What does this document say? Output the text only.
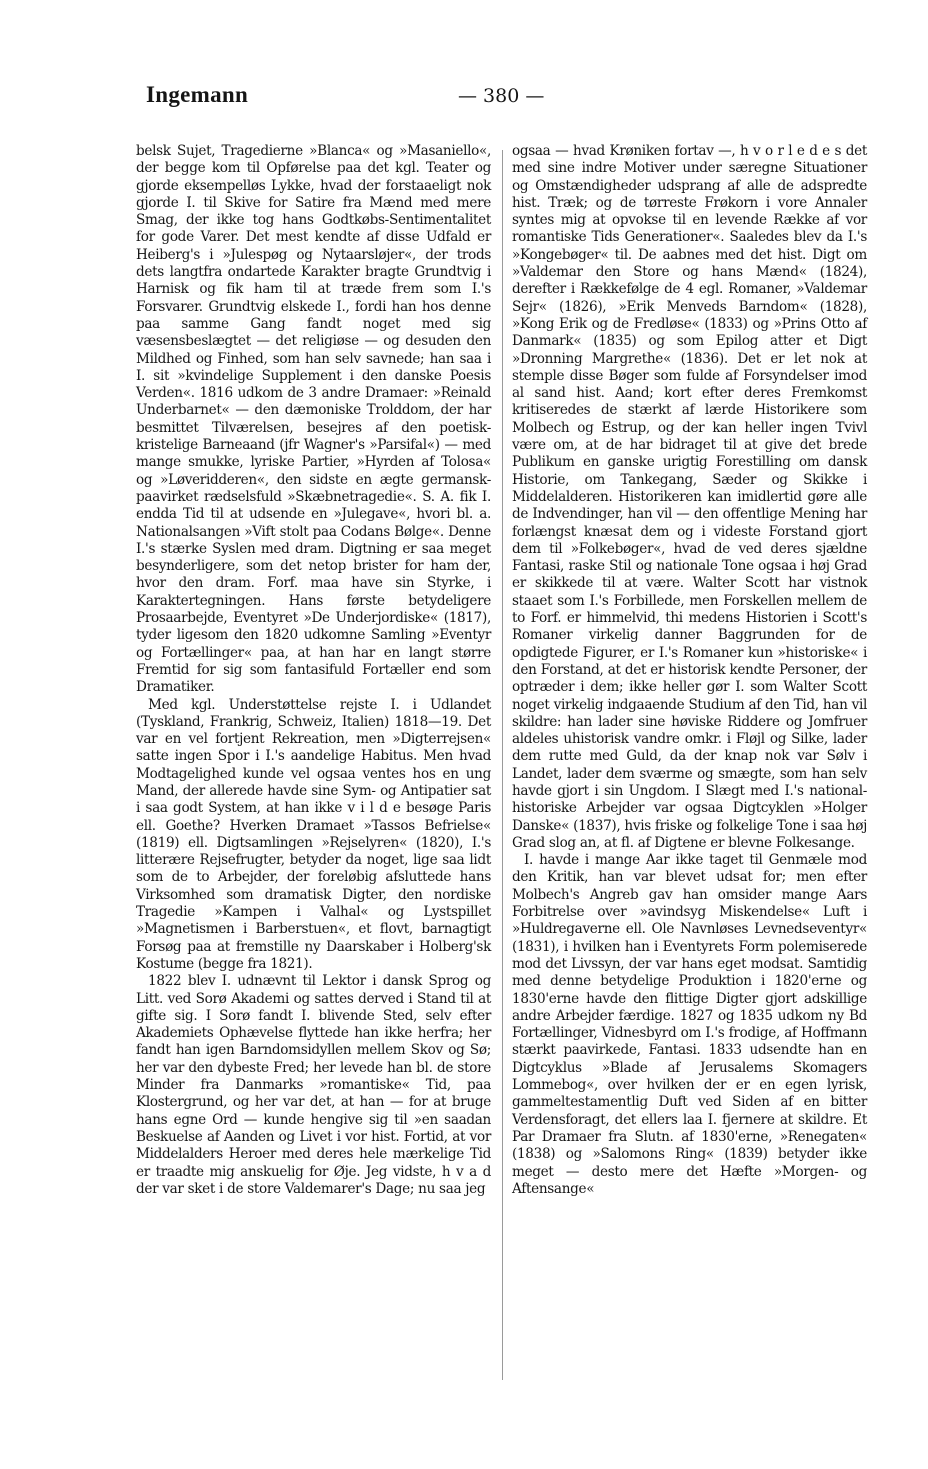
Ingemann	— 380 —

belsk Sujet, Tragedierne »Blanca« og »Masaniello«, der begge kom til Opførelse paa det kgl. Teater og gjorde eksempelløs Lykke, hvad der forstaaeligt nok gjorde I. til Skive for Satire fra Mænd med mere Smag, der ikke tog hans Godtkøbs-Sentimentalitet for gode Varer. Det mest kendte af disse Udfald er Heiberg's i »Julespøg og Nytaarsløjer«, der trods dets langtfra ondartede Karakter bragte Grundtvig i Harnisk og fik ham til at træde frem som I.'s Forsvarer. Grundtvig elskede I., fordi han hos denne paa samme Gang fandt noget med sig væsensbeslægtet — det religiøse — og desuden den Mildhed og Finhed, som han selv savnede; han saa i I. sit »kvindelige Supplement i den danske Poesis Verden«. 1816 udkom de 3 andre Dramaer: »Reinald Underbarnet« — den dæmoniske Trolddom, der har besmittet Tilværelsen, besejres af den poetisk-kristelige Barneaand (jfr Wagner's »Parsifal«) — med mange smukke, lyriske Partier, »Hyrden af Tolosa« og »Løveridderen«, den sidste en ægte germansk-paavirket rædselsfuld »Skæbnetragedie«. S. A. fik I. endda Tid til at udsende en »Julegave«, hvori bl. a. Nationalsangen »Vift stolt paa Codans Bølge«. Denne I.'s stærke Syslen med dram. Digtning er saa meget besynderligere, som det netop brister for ham der, hvor den dram. Forf. maa have sin Styrke, i Karaktertegningen. Hans første betydeligere Prosaarbejde, Eventyret »De Underjordiske« (1817), tyder ligesom den 1820 udkomne Samling »Eventyr og Fortællinger« paa, at han har en langt større Fremtid for sig som fantasifuld Fortæller end som Dramatiker.

Med kgl. Understøttelse rejste I. i Udlandet (Tyskland, Frankrig, Schweiz, Italien) 1818—19. Det var en vel fortjent Rekreation, men »Digterrejsen« satte ingen Spor i I.'s aandelige Habitus. Men hvad Modtagelighed kunde vel ogsaa ventes hos en ung Mand, der allerede havde sine Sym- og Antipatier sat i saa godt System, at han ikke v i l d e besøge Paris ell. Goethe? Hverken Dramaet »Tassos Befrielse« (1819) ell. Digtsamlingen »Rejselyren« (1820), I.'s litterære Rejsefrugter, betyder da noget, lige saa lidt som de to Arbejder, der foreløbig afsluttede hans Virksomhed som dramatisk Digter, den nordiske Tragedie »Kampen i Valhal« og Lystspillet »Magnetismen i Barberstuen«, et flovt, barnagtigt Forsøg paa at fremstille ny Daarskaber i Holberg'sk Kostume (begge fra 1821).

1822 blev I. udnævnt til Lektor i dansk Sprog og Litt. ved Sorø Akademi og sattes derved i Stand til at gifte sig. I Sorø fandt I. blivende Sted, selv efter Akademiets Ophævelse flyttede han ikke herfra; her fandt han igen Barndomsidyllen mellem Skov og Sø; her var den dybeste Fred; her levede han bl. de store Minder fra Danmarks »romantiske« Tid, paa Klostergrund, og her var det, at han — for at bruge hans egne Ord — kunde hengive sig til »en saadan Beskuelse af Aanden og Livet i vor hist. Fortid, at vor Middelalders Heroer med deres hele mærkelige Tid er traadte mig anskuelig for Øje. Jeg vidste, h v a d der var sket i de store Valdemarer's Dage; nu saa jeg

ogsaa — hvad Krøniken fortav —, h v o r l e d e s det med sine indre Motiver under særegne Situationer og Omstændigheder udsprang af alle de adspredte hist. Træk; og de tørreste Frøkorn i vore Annaler syntes mig at opvokse til en levende Række af vor romantiske Tids Generationer«. Saaledes blev da I.'s »Kongebøger« til. De aabnes med det hist. Digt om »Valdemar den Store og hans Mænd« (1824), derefter i Rækkefølge de 4 egl. Romaner, »Valdemar Sejr« (1826), »Erik Menveds Barndom« (1828), »Kong Erik og de Fredløse« (1833) og »Prins Otto af Danmark« (1835) og som Epilog atter et Digt »Dronning Margrethe« (1836). Det er let nok at stemple disse Bøger som fulde af Forsyndelser imod al sand hist. Aand; kort efter deres Fremkomst kritiseredes de stærkt af lærde Historikere som Molbech og Estrup, og der kan heller ingen Tvivl være om, at de har bidraget til at give det brede Publikum en ganske urigtig Forestilling om dansk Historie, om Tankegang, Sæder og Skikke i Middelalderen. Historikeren kan imidlertid gøre alle de Indvendinger, han vil — den offentlige Mening har forlængst knæsat dem og i videste Forstand gjort dem til »Folkebøger«, hvad de ved deres sjældne Fantasi, raske Stil og nationale Tone ogsaa i høj Grad er skikkede til at være. Walter Scott har vistnok staaet som I.'s Forbillede, men Forskellen mellem de to Forf. er himmelvid, thi medens Historien i Scott's Romaner virkelig danner Baggrunden for de opdigtede Figurer, er I.'s Romaner kun »historiske« i den Forstand, at det er historisk kendte Personer, der optræder i dem; ikke heller gør I. som Walter Scott noget virkelig indgaaende Studium af den Tid, han vil skildre: han lader sine høviske Riddere og Jomfruer aldeles uhistorisk vandre omkr. i Fløjl og Silke, lader dem rutte med Guld, da der knap nok var Sølv i Landet, lader dem sværme og smægte, som han selv havde gjort i sin Ungdom. I Slægt med I.'s national-historiske Arbejder var ogsaa Digtcyklen »Holger Danske« (1837), hvis friske og folkelige Tone i saa høj Grad slog an, at fl. af Digtene er blevne Folkesange.

I. havde i mange Aar ikke taget til Genmæle mod den Kritik, han var blevet udsat for; men efter Molbech's Angreb gav han omsider mange Aars Forbitrelse over »avindsyg Miskendelse« Luft i »Huldregaverne ell. Ole Navnløses Levnedseventyr« (1831), i hvilken han i Eventyrets Form polemiserede mod det Livssyn, der var hans eget modsat. Samtidig med denne betydelige Produktion i 1820'erne og 1830'erne havde den flittige Digter gjort adskillige andre Arbejder færdige. 1827 og 1835 udkom ny Bd Fortællinger, Vidnesbyrd om I.'s frodige, af Hoffmann stærkt paavirkede, Fantasi. 1833 udsendte han en Digtcyklus »Blade af Jerusalems Skomagers Lommebog«, over hvilken der er en egen lyrisk, gammeltestamentlig Duft ved Siden af en bitter Verdensforagt, det ellers laa I. fjernere at skildre. Et Par Dramaer fra Slutn. af 1830'erne, »Renegaten« (1838) og »Salomons Ring« (1839) betyder ikke meget — desto mere det Hæfte »Morgen- og Aftensange«
